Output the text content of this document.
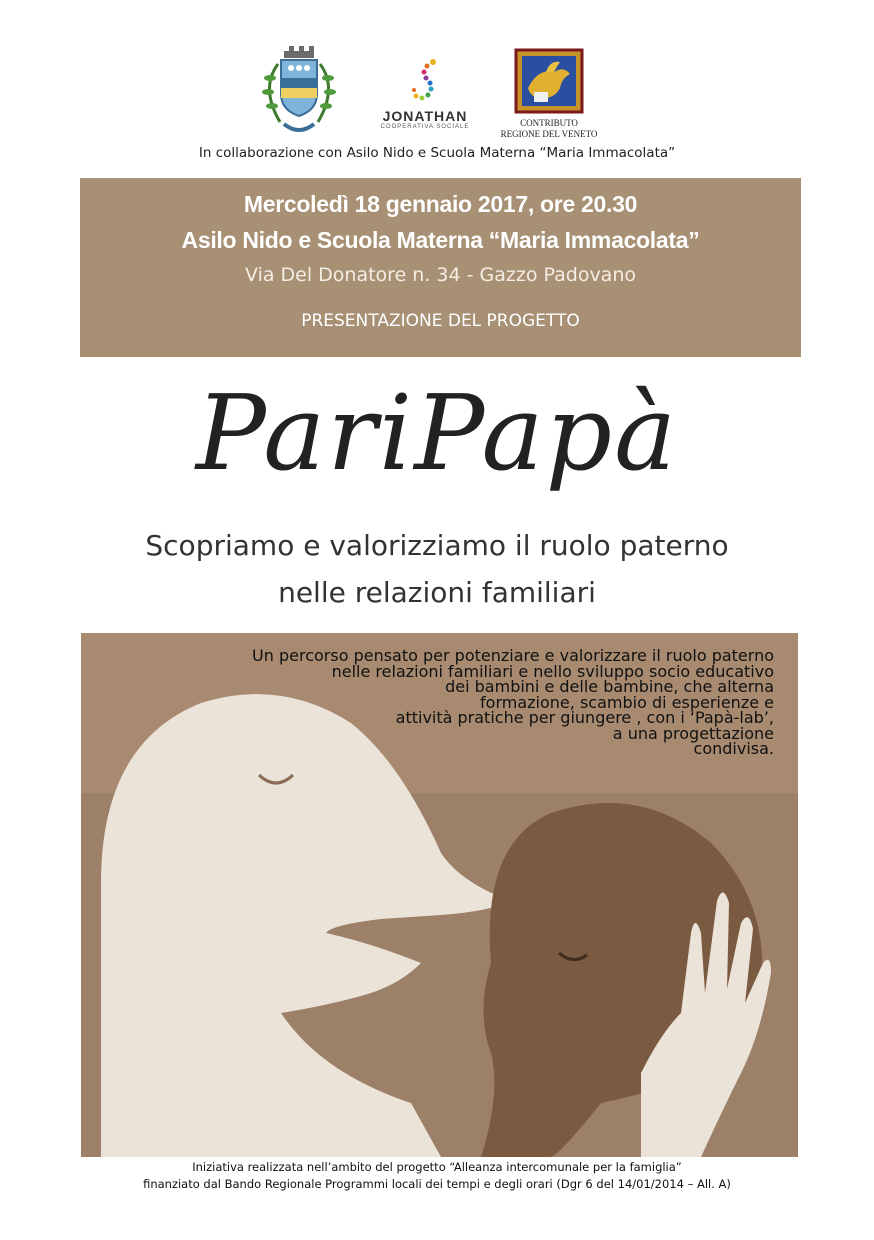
JONATHAN
COOPERATIVA SOCIALE	CONTRIBUTO
REGIONE DEL VENETO
In collaborazione con Asilo Nido e Scuola Materna “Maria Immacolata”
Mercoledì 18 gennaio 2017, ore 20.30
Asilo Nido e Scuola Materna “Maria Immacolata”
Via Del Donatore n. 34 - Gazzo Padovano
PRESENTAZIONE DEL PROGETTO
PariPapà
Scopriamo e valorizziamo il ruolo paterno
nelle relazioni familiari
Un percorso pensato per potenziare e valorizzare il ruolo paterno
nelle relazioni familiari e nello sviluppo socio educativo
dei bambini e delle bambine, che alterna
formazione, scambio di esperienze e
attività pratiche per giungere , con i ‘Papà-lab’,
a una progettazione
condivisa.
Iniziativa realizzata nell’ambito del progetto “Alleanza intercomunale per la famiglia”
finanziato dal Bando Regionale Programmi locali dei tempi e degli orari (Dgr 6 del 14/01/2014 – All. A)
